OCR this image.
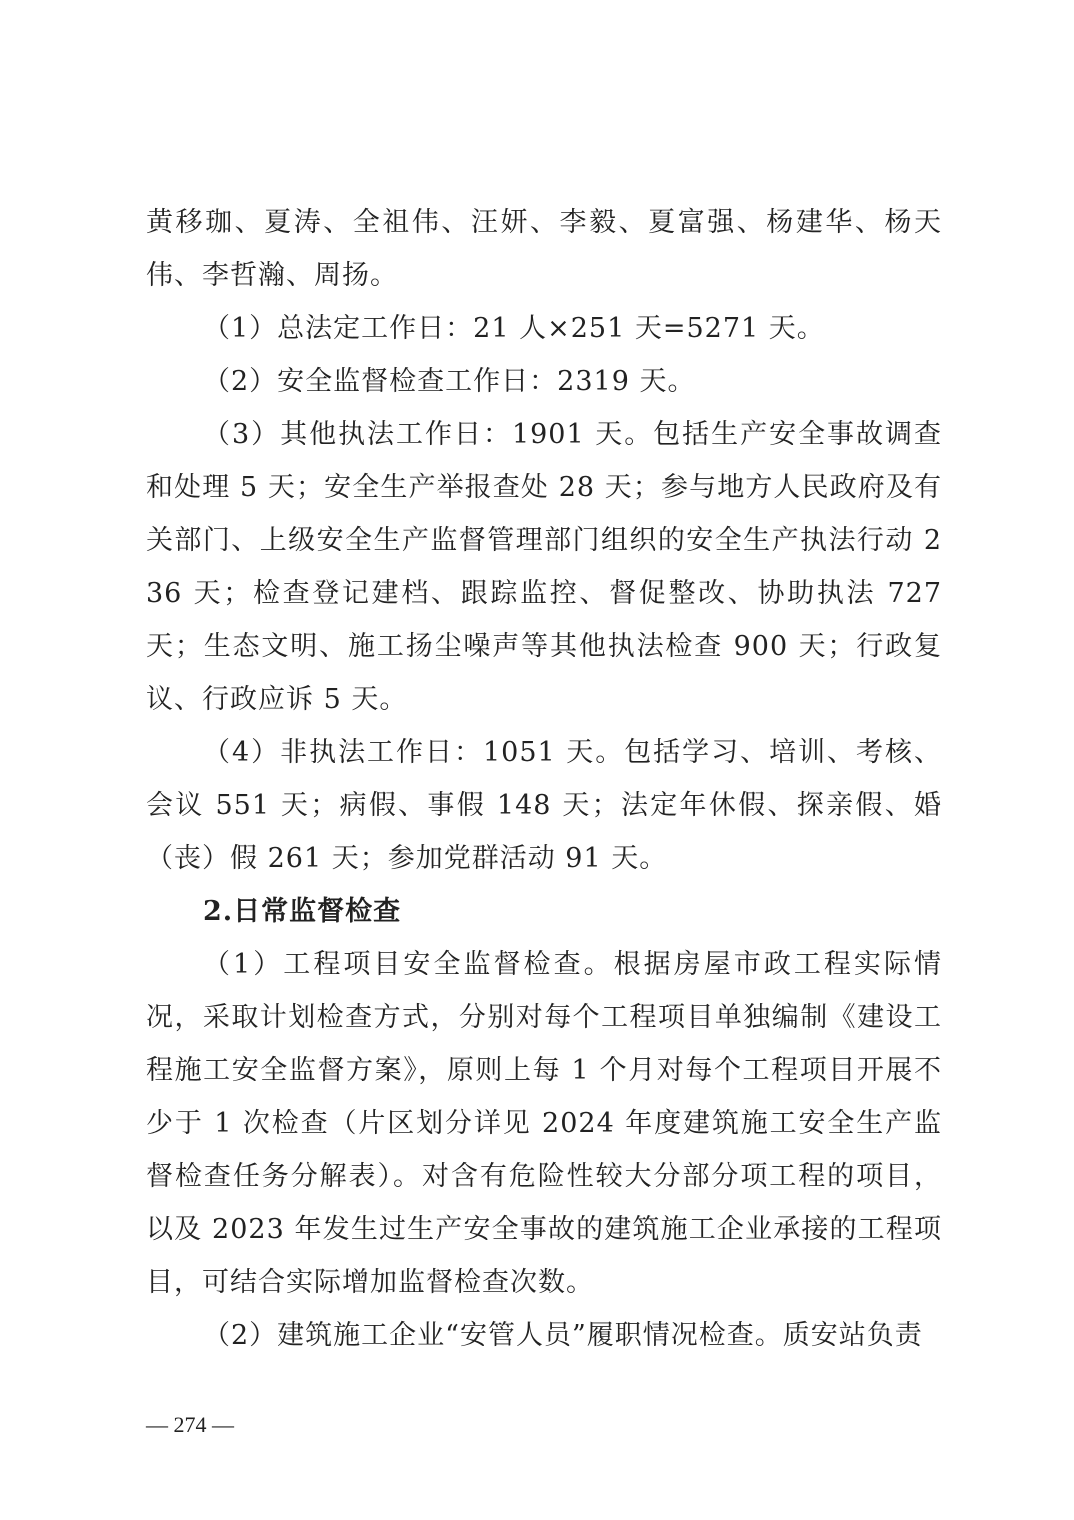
黄移珈、夏涛、全祖伟、汪妍、李毅、夏富强、杨建华、杨天伟、李哲瀚、周扬。

（1）总法定工作日：21 人×251 天=5271 天。

（2）安全监督检查工作日：2319 天。

（3）其他执法工作日：1901 天。包括生产安全事故调查和处理 5 天；安全生产举报查处 28 天；参与地方人民政府及有关部门、上级安全生产监督管理部门组织的安全生产执法行动 236 天；检查登记建档、跟踪监控、督促整改、协助执法 727 天；生态文明、施工扬尘噪声等其他执法检查 900 天；行政复议、行政应诉 5 天。

（4）非执法工作日：1051 天。包括学习、培训、考核、会议 551 天；病假、事假 148 天；法定年休假、探亲假、婚（丧）假 261 天；参加党群活动 91 天。

2.日常监督检查

（1）工程项目安全监督检查。根据房屋市政工程实际情况，采取计划检查方式，分别对每个工程项目单独编制《建设工程施工安全监督方案》，原则上每 1 个月对每个工程项目开展不少于 1 次检查（片区划分详见 2024 年度建筑施工安全生产监督检查任务分解表）。对含有危险性较大分部分项工程的项目，以及 2023 年发生过生产安全事故的建筑施工企业承接的工程项目，可结合实际增加监督检查次数。

（2）建筑施工企业“安管人员”履职情况检查。质安站负责

— 274 —
